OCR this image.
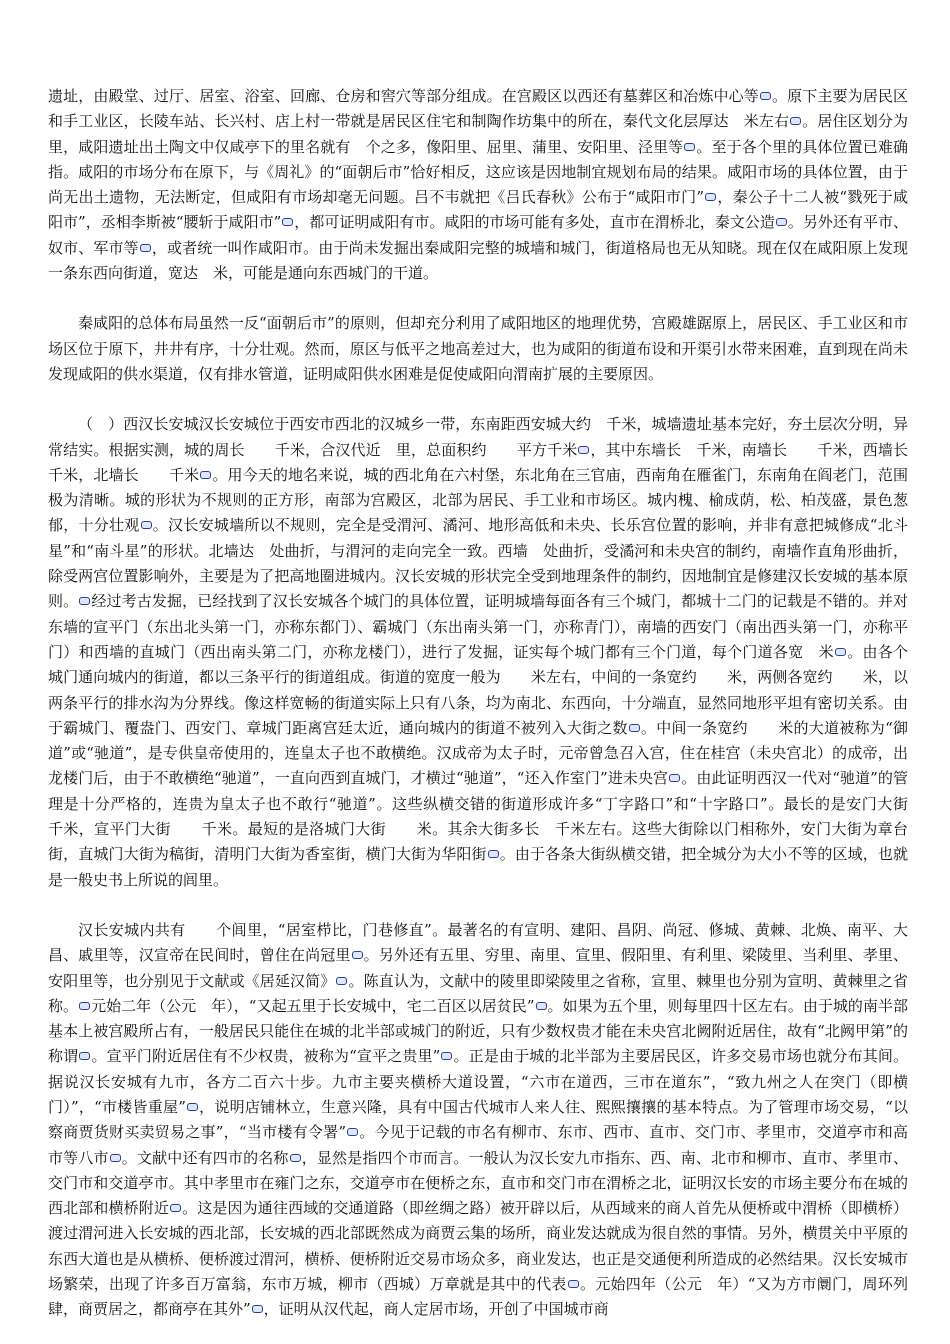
遗址，由殿堂、过厅、居室、浴室、回廊、仓房和窖穴等部分组成。在宫殿区以西还有墓葬区和冶炼中心等 。原下主要为居民区和手工业区，长陵车站、长兴村、店上村一带就是居民区住宅和制陶作坊集中的所在，秦代文化层厚达　米左右 。居住区划分为里，咸阳遗址出土陶文中仅咸亭下的里名就有　个之多，像阳里、屈里、蒲里、安阳里、泾里等 。至于各个里的具体位置已难确指。咸阳的市场分布在原下，与《周礼》的“面朝后市”恰好相反，这应该是因地制宜规划布局的结果。咸阳市场的具体位置，由于尚无出土遗物，无法断定，但咸阳有市场却毫无问题。吕不韦就把《吕氏春秋》公布于“咸阳市门” ，秦公子十二人被“戮死于咸阳市”，丞相李斯被“腰斩于咸阳市” ，都可证明咸阳有市。咸阳的市场可能有多处，直市在渭桥北，秦文公造 。另外还有平市、奴市、军市等 ，或者统一叫作咸阳市。由于尚未发掘出秦咸阳完整的城墙和城门，街道格局也无从知晓。现在仅在咸阳原上发现一条东西向街道，宽达　米，可能是通向东西城门的干道。

秦咸阳的总体布局虽然一反“面朝后市”的原则，但却充分利用了咸阳地区的地理优势，宫殿雄踞原上，居民区、手工业区和市场区位于原下，井井有序，十分壮观。然而，原区与低平之地高差过大，也为咸阳的街道布设和开渠引水带来困难，直到现在尚未发现咸阳的供水渠道，仅有排水管道，证明咸阳供水困难是促使咸阳向渭南扩展的主要原因。

（　）西汉长安城汉长安城位于西安市西北的汉城乡一带，东南距西安城大约　千米，城墙遗址基本完好，夯土层次分明，异常结实。根据实测，城的周长　　千米，合汉代近　里，总面积约　　平方千米 ，其中东墙长　千米，南墙长　　千米，西墙长　　千米，北墙长　　千米 。用今天的地名来说，城的西北角在六村堡，东北角在三官庙，西南角在雁雀门，东南角在阎老门，范围极为清晰。城的形状为不规则的正方形，南部为宫殿区，北部为居民、手工业和市场区。城内槐、榆成荫，松、柏茂盛，景色葱郁，十分壮观 。汉长安城墙所以不规则，完全是受渭河、潏河、地形高低和未央、长乐宫位置的影响，并非有意把城修成“北斗星”和“南斗星”的形状。北墙达　处曲折，与渭河的走向完全一致。西墙　处曲折，受潏河和未央宫的制约，南墙作直角形曲折，除受两宫位置影响外，主要是为了把高地圈进城内。汉长安城的形状完全受到地理条件的制约，因地制宜是修建汉长安城的基本原则。 经过考古发掘，已经找到了汉长安城各个城门的具体位置，证明城墙每面各有三个城门，都城十二门的记载是不错的。并对东墙的宣平门（东出北头第一门，亦称东都门）、霸城门（东出南头第一门，亦称青门），南墙的西安门（南出西头第一门，亦称平门）和西墙的直城门（西出南头第二门，亦称龙楼门），进行了发掘，证实每个城门都有三个门道，每个门道各宽　米 。由各个城门通向城内的街道，都以三条平行的街道组成。街道的宽度一般为　　米左右，中间的一条宽约　　米，两侧各宽约　　米，以两条平行的排水沟为分界线。像这样宽畅的街道实际上只有八条，均为南北、东西向，十分端直，显然同地形平坦有密切关系。由于霸城门、覆盎门、西安门、章城门距离宫廷太近，通向城内的街道不被列入大街之数 。中间一条宽约　　米的大道被称为“御道”或“驰道”，是专供皇帝使用的，连皇太子也不敢横绝。汉成帝为太子时，元帝曾急召入宫，住在桂宫（未央宫北）的成帝，出龙楼门后，由于不敢横绝“驰道”，一直向西到直城门，才横过“驰道”，“还入作室门”进未央宫 。由此证明西汉一代对“驰道”的管理是十分严格的，连贵为皇太子也不敢行“驰道”。这些纵横交错的街道形成许多“丁字路口”和“十字路口”。最长的是安门大街　　千米，宣平门大街　　千米。最短的是洛城门大街　　米。其余大街多长　千米左右。这些大街除以门相称外，安门大街为章台街，直城门大街为稿街，清明门大街为香室街，横门大街为华阳街 。由于各条大街纵横交错，把全城分为大小不等的区域，也就是一般史书上所说的闾里。

汉长安城内共有　　个闾里，“居室栉比，门巷修直”。最著名的有宣明、建阳、昌阴、尚冠、修城、黄棘、北焕、南平、大昌、戚里等，汉宣帝在民间时，曾住在尚冠里 。另外还有五里、穷里、南里、宣里、假阳里、有利里、梁陵里、当利里、孝里、安阳里等，也分别见于文献或《居延汉简》 。陈直认为，文献中的陵里即梁陵里之省称，宣里、棘里也分别为宣明、黄棘里之省称。 元始二年（公元　年），“又起五里于长安城中，宅二百区以居贫民” 。如果为五个里，则每里四十区左右。由于城的南半部基本上被宫殿所占有，一般居民只能住在城的北半部或城门的附近，只有少数权贵才能在未央宫北阙附近居住，故有“北阙甲第”的称谓 。宣平门附近居住有不少权贵，被称为“宣平之贵里” 。正是由于城的北半部为主要居民区，许多交易市场也就分布其间。据说汉长安城有九市，各方二百六十步。九市主要夹横桥大道设置，“六市在道西，三市在道东”，“致九州之人在突门（即横门）”，“市楼皆重屋” ，说明店铺林立，生意兴隆，具有中国古代城市人来人往、熙熙攘攘的基本特点。为了管理市场交易，“以察商贾货财买卖贸易之事”，“当市楼有令署” 。今见于记载的市名有柳市、东市、西市、直市、交门市、孝里市，交道亭市和高市等八市 。文献中还有四市的名称 ，显然是指四个市而言。一般认为汉长安九市指东、西、南、北市和柳市、直市、孝里市、交门市和交道亭市。其中孝里市在雍门之东，交道亭市在便桥之东，直市和交门市在渭桥之北，证明汉长安的市场主要分布在城的西北部和横桥附近 。这是因为通往西域的交通道路（即丝绸之路）被开辟以后，从西域来的商人首先从便桥或中渭桥（即横桥）渡过渭河进入长安城的西北部，长安城的西北部既然成为商贾云集的场所，商业发达就成为很自然的事情。另外，横贯关中平原的东西大道也是从横桥、便桥渡过渭河，横桥、便桥附近交易市场众多，商业发达，也正是交通便利所造成的必然结果。汉长安城市场繁荣，出现了许多百万富翁，东市万城，柳市（西城）万章就是其中的代表 。元始四年（公元　年）“又为方市阛门，周环列肆，商贾居之，都商亭在其外” ，证明从汉代起，商人定居市场，开创了中国城市商
